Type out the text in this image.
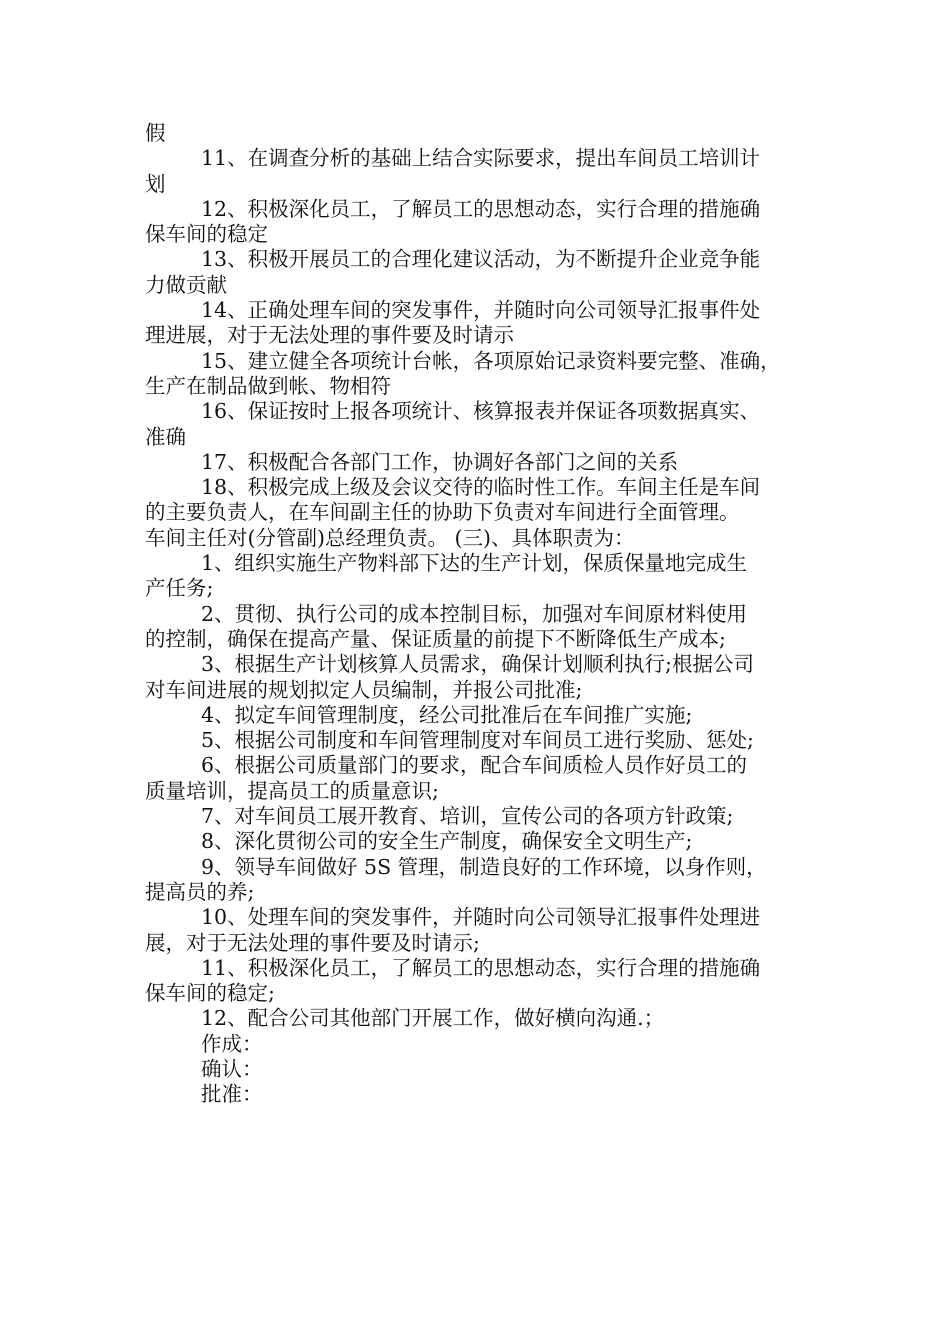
假
11、在调查分析的基础上结合实际要求，提出车间员工培训计
划
12、积极深化员工，了解员工的思想动态，实行合理的措施确
保车间的稳定
13、积极开展员工的合理化建议活动，为不断提升企业竞争能
力做贡献
14、正确处理车间的突发事件，并随时向公司领导汇报事件处
理进展，对于无法处理的事件要及时请示
15、建立健全各项统计台帐，各项原始记录资料要完整、准确，
生产在制品做到帐、物相符
16、保证按时上报各项统计、核算报表并保证各项数据真实、
准确
17、积极配合各部门工作，协调好各部门之间的关系
18、积极完成上级及会议交待的临时性工作。车间主任是车间
的主要负责人，在车间副主任的协助下负责对车间进行全面管理。
车间主任对(分管副)总经理负责。 (三)、具体职责为：
1、组织实施生产物料部下达的生产计划，保质保量地完成生
产任务;
2、贯彻、执行公司的成本控制目标，加强对车间原材料使用
的控制，确保在提高产量、保证质量的前提下不断降低生产成本;
3、根据生产计划核算人员需求，确保计划顺利执行;根据公司
对车间进展的规划拟定人员编制，并报公司批准;
4、拟定车间管理制度，经公司批准后在车间推广实施;
5、根据公司制度和车间管理制度对车间员工进行奖励、惩处;
6、根据公司质量部门的要求，配合车间质检人员作好员工的
质量培训，提高员工的质量意识;
7、对车间员工展开教育、培训，宣传公司的各项方针政策;
8、深化贯彻公司的安全生产制度，确保安全文明生产;
9、领导车间做好 5S 管理，制造良好的工作环境，以身作则，
提高员的养;
10、处理车间的突发事件，并随时向公司领导汇报事件处理进
展，对于无法处理的事件要及时请示;
11、积极深化员工，了解员工的思想动态，实行合理的措施确
保车间的稳定;
12、配合公司其他部门开展工作，做好横向沟通.；
作成：
确认：
批准：
